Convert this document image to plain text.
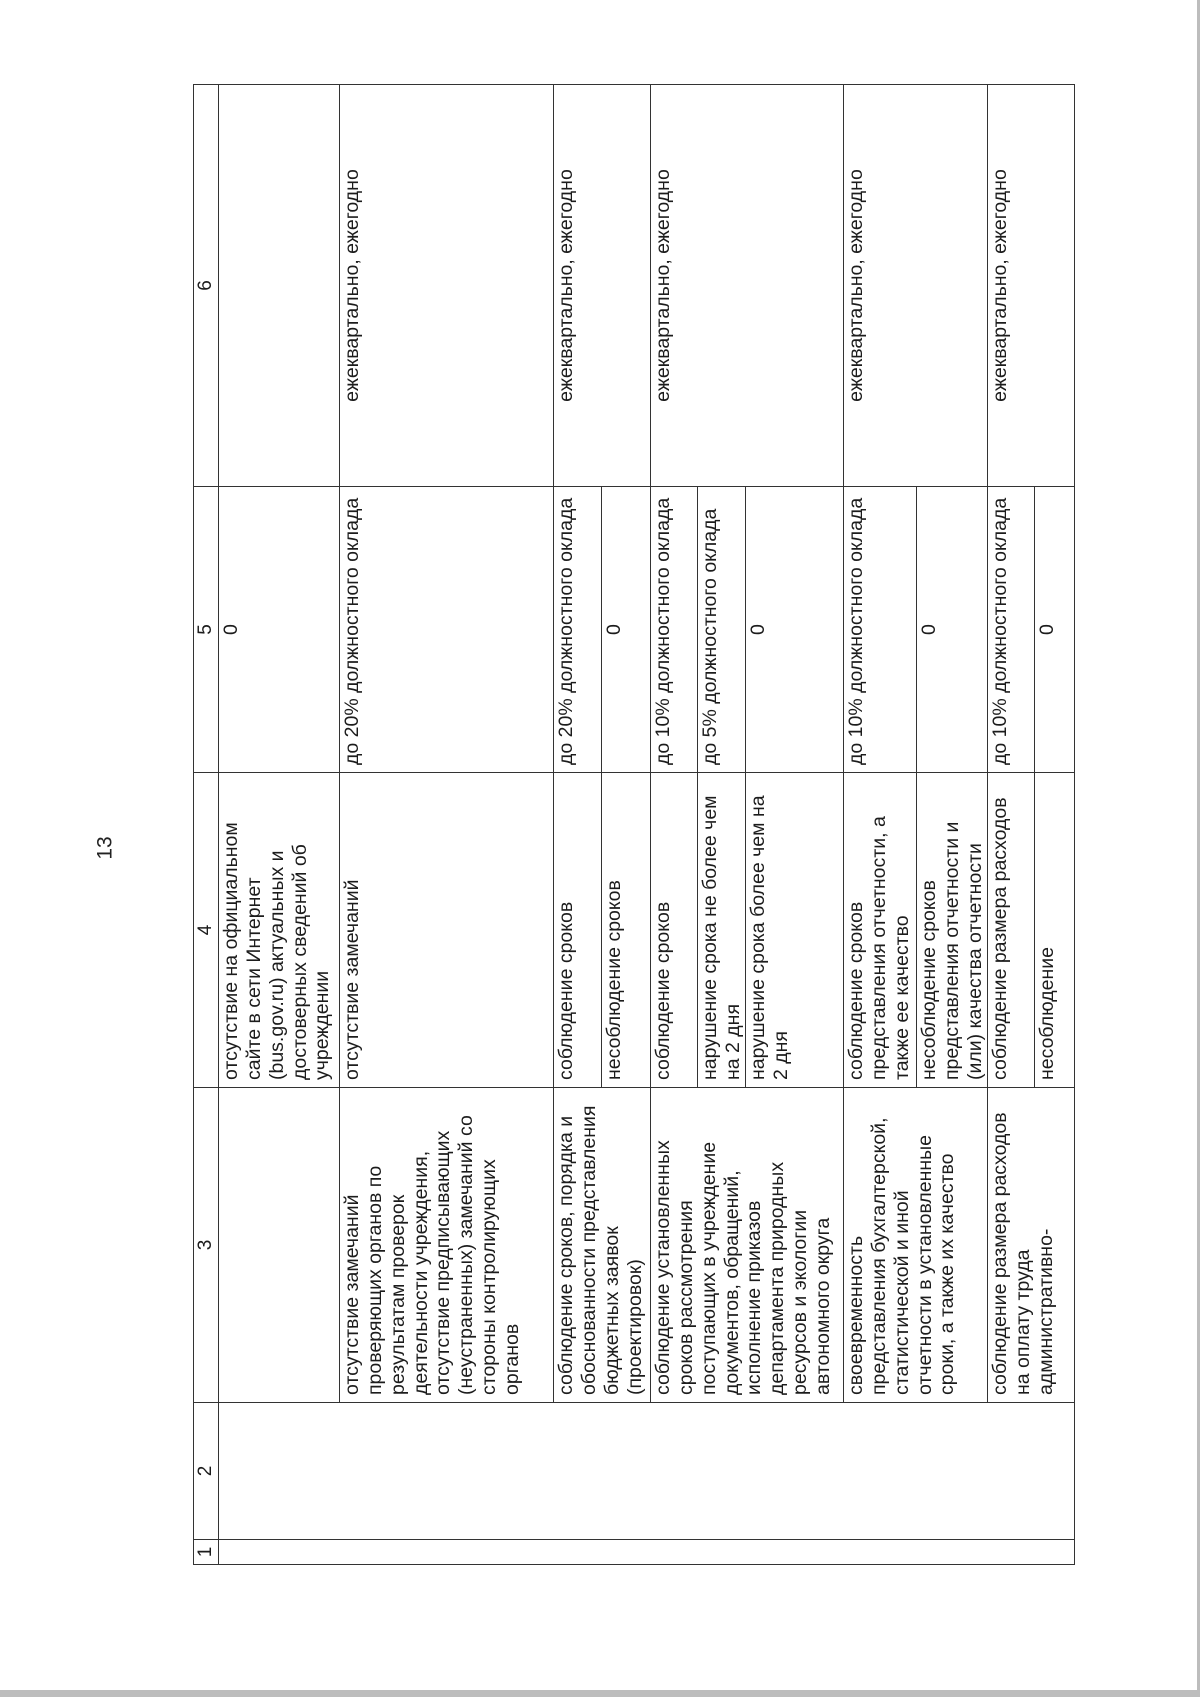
13
1	2	3	4	5	6
			отсутствие на официальном сайте в сети Интернет (bus.gov.ru) актуальных и достоверных сведений об учреждении	0	
		отсутствие замечаний проверяющих органов по результатам проверок деятельности учреждения, отсутствие предписывающих (неустраненных) замечаний со стороны контролирующих органов	отсутствие замечаний	до 20% должностного оклада	ежеквартально, ежегодно
		соблюдение сроков, порядка и обоснованности представления бюджетных заявок (проектировок)	соблюдение сроков	до 20% должностного оклада	ежеквартально, ежегодно
			несоблюдение сроков	0	
		соблюдение установленных сроков рассмотрения поступающих в учреждение документов, обращений, исполнение приказов департамента природных ресурсов и экологии автономного округа	соблюдение сроков	до 10% должностного оклада	ежеквартально, ежегодно
			нарушение срока не более чем на 2 дня	до 5% должностного оклада	
			нарушение срока более чем на 2 дня	0	
		своевременность представления бухгалтерской, статистической и иной отчетности в установленные сроки, а также их качество	соблюдение сроков представления отчетности, а также ее качество	до 10% должностного оклада	ежеквартально, ежегодно
			несоблюдение сроков представления отчетности и (или) качества отчетности	0	
		соблюдение размера расходов на оплату труда административно-	соблюдение размера расходов	до 10% должностного оклада	ежеквартально, ежегодно
			несоблюдение	0	
